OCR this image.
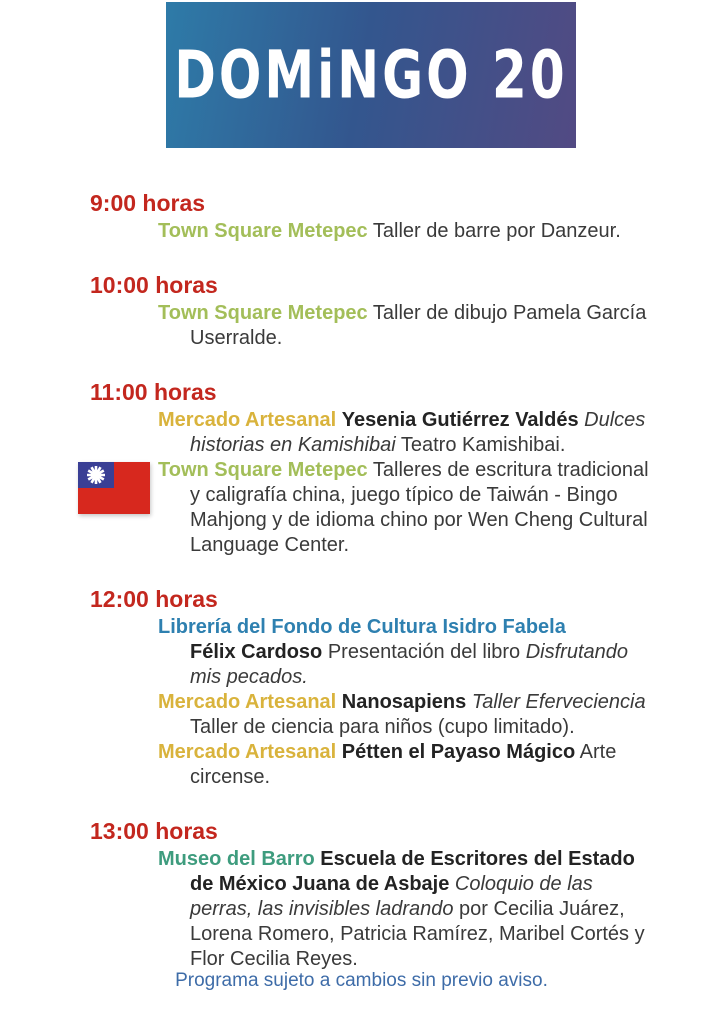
DOMiNGO 20
9:00 horas
Town Square Metepec Taller de barre por Danzeur.
10:00 horas
Town Square Metepec Taller de dibujo Pamela García Userralde.
11:00 horas
Mercado Artesanal Yesenia Gutiérrez Valdés Dulces historias en Kamishibai Teatro Kamishibai.
Town Square Metepec Talleres de escritura tradicional y caligrafía china, juego típico de Taiwán - Bingo Mahjong y de idioma chino por Wen Cheng Cultural Language Center.
12:00 horas
Librería del Fondo de Cultura Isidro Fabela
Félix Cardoso Presentación del libro Disfrutando mis pecados.
Mercado Artesanal Nanosapiens Taller Eferveciencia Taller de ciencia para niños (cupo limitado).
Mercado Artesanal Pétten el Payaso Mágico Arte circense.
13:00 horas
Museo del Barro Escuela de Escritores del Estado de México Juana de Asbaje Coloquio de las perras, las invisibles ladrando por Cecilia Juárez, Lorena Romero, Patricia Ramírez, Maribel Cortés y Flor Cecilia Reyes.
Programa sujeto a cambios sin previo aviso.
